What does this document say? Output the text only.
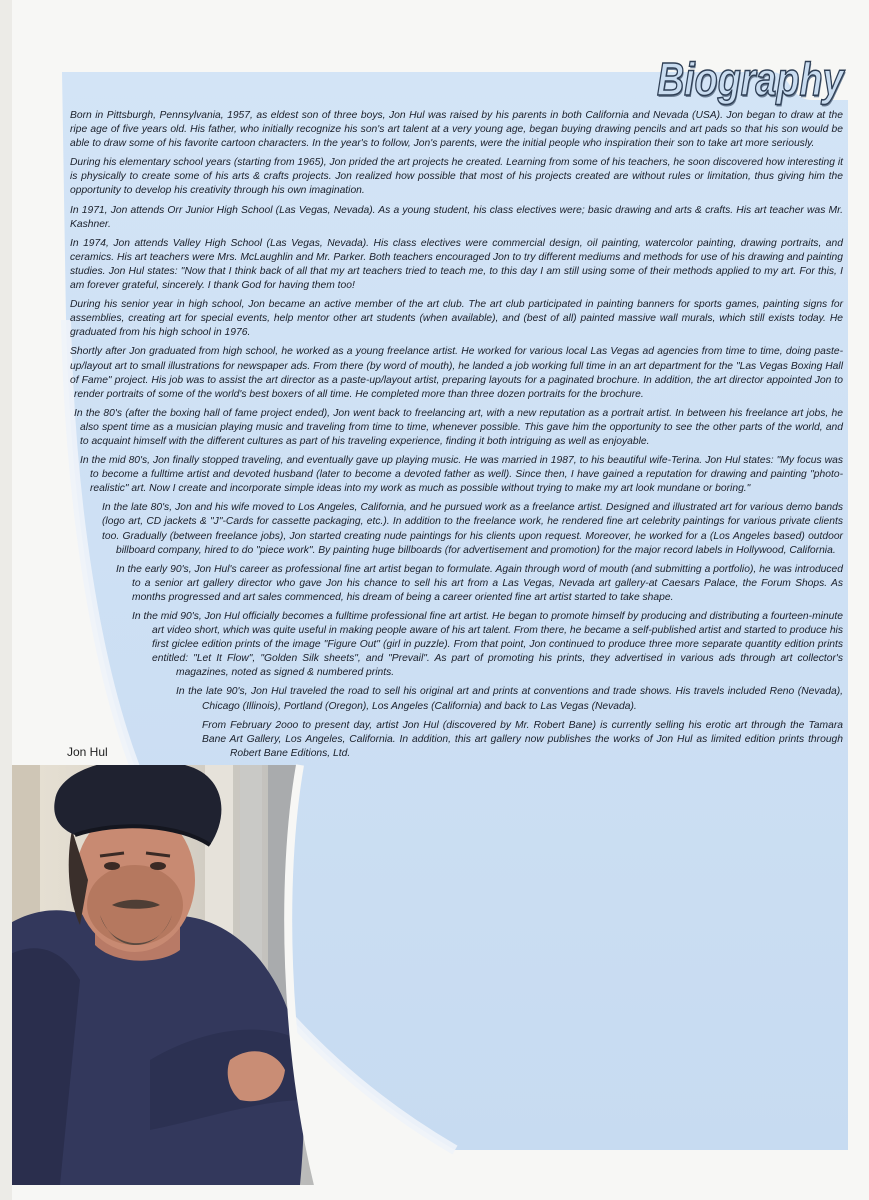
Biography

Born in Pittsburgh, Pennsylvania, 1957, as eldest son of three boys, Jon Hul was raised by his parents in both California and Nevada (USA). Jon began to draw at the ripe age of five years old. His father, who initially recognize his son's art talent at a very young age, began buying drawing pencils and art pads so that his son would be able to draw some of his favorite cartoon characters. In the year's to follow, Jon's parents, were the initial people who inspiration their son to take art more seriously.

During his elementary school years (starting from 1965), Jon prided the art projects he created. Learning from some of his teachers, he soon discovered how interesting it is physically to create some of his arts & crafts projects. Jon realized how possible that most of his projects created are without rules or limitation, thus giving him the opportunity to develop his creativity through his own imagination.

In 1971, Jon attends Orr Junior High School (Las Vegas, Nevada). As a young student, his class electives were; basic drawing and arts & crafts. His art teacher was Mr. Kashner.

In 1974, Jon attends Valley High School (Las Vegas, Nevada). His class electives were commercial design, oil painting, watercolor painting, drawing portraits, and ceramics. His art teachers were Mrs. McLaughlin and Mr. Parker. Both teachers encouraged Jon to try different mediums and methods for use of his drawing and painting studies. Jon Hul states: "Now that I think back of all that my art teachers tried to teach me, to this day I am still using some of their methods applied to my art. For this, I am forever grateful, sincerely. I thank God for having them too!

During his senior year in high school, Jon became an active member of the art club. The art club participated in painting banners for sports games, painting signs for assemblies, creating art for special events, help mentor other art students (when available), and (best of all) painted massive wall murals, which still exists today. He graduated from his high school in 1976.

Shortly after Jon graduated from high school, he worked as a young freelance artist. He worked for various local Las Vegas ad agencies from time to time, doing paste-up/layout art to small illustrations for newspaper ads. From there (by word of mouth), he landed a job working full time in an art department for the "Las Vegas Boxing Hall of Fame" project. His job was to assist the art director as a paste-up/layout artist, preparing layouts for a paginated brochure. In addition, the art director appointed Jon to render portraits of some of the world's best boxers of all time. He completed more than three dozen portraits for the brochure.

In the 80's (after the boxing hall of fame project ended), Jon went back to freelancing art, with a new reputation as a portrait artist. In between his freelance art jobs, he also spent time as a musician playing music and traveling from time to time, whenever possible. This gave him the opportunity to see the other parts of the world, and to acquaint himself with the different cultures as part of his traveling experience, finding it both intriguing as well as enjoyable.

In the mid 80's, Jon finally stopped traveling, and eventually gave up playing music. He was married in 1987, to his beautiful wife-Terina. Jon Hul states: "My focus was to become a fulltime artist and devoted husband (later to become a devoted father as well). Since then, I have gained a reputation for drawing and painting "photo-realistic" art. Now I create and incorporate simple ideas into my work as much as possible without trying to make my art look mundane or boring."

In the late 80's, Jon and his wife moved to Los Angeles, California, and he pursued work as a freelance artist. Designed and illustrated art for various demo bands (logo art, CD jackets & "J"-Cards for cassette packaging, etc.). In addition to the freelance work, he rendered fine art celebrity paintings for various private clients too. Gradually (between freelance jobs), Jon started creating nude paintings for his clients upon request. Moreover, he worked for a (Los Angeles based) outdoor billboard company, hired to do "piece work". By painting huge billboards (for advertisement and promotion) for the major record labels in Hollywood, California.

In the early 90's, Jon Hul's career as professional fine art artist began to formulate. Again through word of mouth (and submitting a portfolio), he was introduced to a senior art gallery director who gave Jon his chance to sell his art from a Las Vegas, Nevada art gallery-at Caesars Palace, the Forum Shops. As months progressed and art sales commenced, his dream of being a career oriented fine art artist started to take shape.

In the mid 90's, Jon Hul officially becomes a fulltime professional fine art artist. He began to promote himself by producing and distributing a fourteen-minute art video short, which was quite useful in making people aware of his art talent. From there, he became a self-published artist and started to produce his first giclee edition prints of the image "Figure Out" (girl in puzzle). From that point, Jon continued to produce three more separate quantity edition prints entitled: "Let It Flow", "Golden Silk sheets", and "Prevail". As part of promoting his prints, they advertised in various ads through art collector's magazines, noted as signed & numbered prints.

In the late 90's, Jon Hul traveled the road to sell his original art and prints at conventions and trade shows. His travels included Reno (Nevada), Chicago (Illinois), Portland (Oregon), Los Angeles (California) and back to Las Vegas (Nevada).

From February 2ooo to present day, artist Jon Hul (discovered by Mr. Robert Bane) is currently selling his erotic art through the Tamara Bane Art Gallery, Los Angeles, California. In addition, this art gallery now publishes the works of Jon Hul as limited edition prints through Robert Bane Editions, Ltd.

Jon Hul
